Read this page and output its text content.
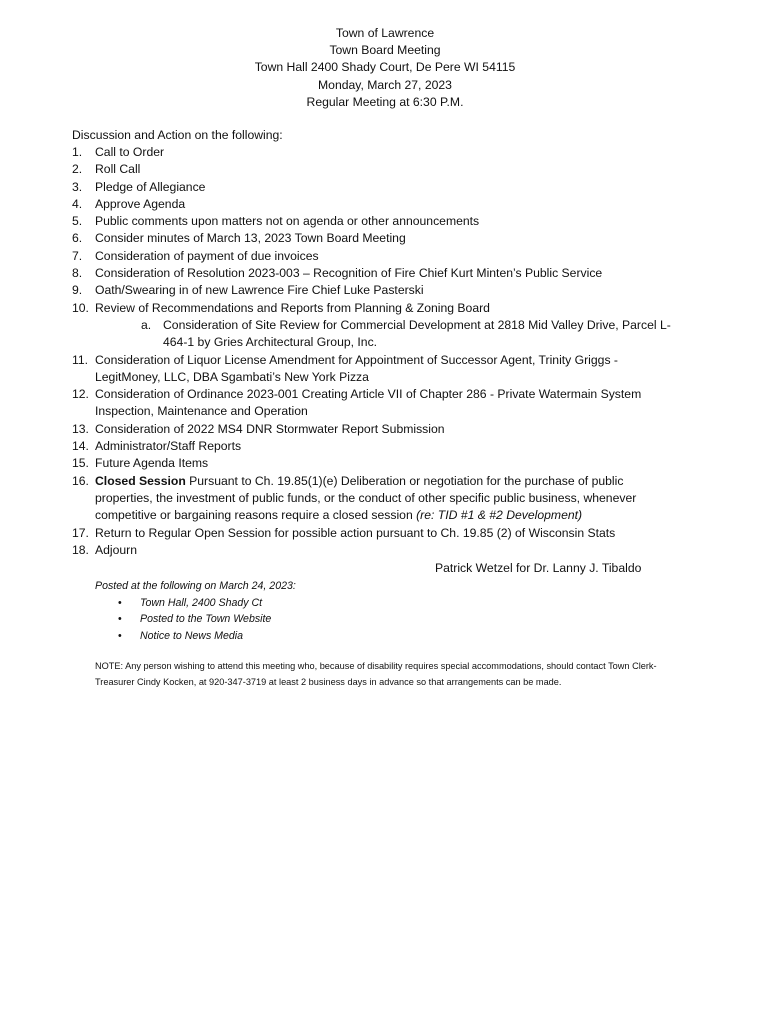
Town of Lawrence
Town Board Meeting
Town Hall 2400 Shady Court, De Pere WI 54115
Monday, March 27, 2023
Regular Meeting at 6:30 P.M.
Discussion and Action on the following:
1. Call to Order
2. Roll Call
3. Pledge of Allegiance
4. Approve Agenda
5. Public comments upon matters not on agenda or other announcements
6. Consider minutes of March 13, 2023 Town Board Meeting
7. Consideration of payment of due invoices
8. Consideration of Resolution 2023-003 – Recognition of Fire Chief Kurt Minten’s Public Service
9. Oath/Swearing in of new Lawrence Fire Chief Luke Pasterski
10. Review of Recommendations and Reports from Planning & Zoning Board
a. Consideration of Site Review for Commercial Development at 2818 Mid Valley Drive, Parcel L-464-1 by Gries Architectural Group, Inc.
11. Consideration of Liquor License Amendment for Appointment of Successor Agent, Trinity Griggs - LegitMoney, LLC, DBA Sgambati’s New York Pizza
12. Consideration of Ordinance 2023-001 Creating Article VII of Chapter 286 - Private Watermain System Inspection, Maintenance and Operation
13. Consideration of 2022 MS4 DNR Stormwater Report Submission
14. Administrator/Staff Reports
15. Future Agenda Items
16. Closed Session Pursuant to Ch. 19.85(1)(e) Deliberation or negotiation for the purchase of public properties, the investment of public funds, or the conduct of other specific public business, whenever competitive or bargaining reasons require a closed session (re: TID #1 & #2 Development)
17. Return to Regular Open Session for possible action pursuant to Ch. 19.85 (2) of Wisconsin Stats
18. Adjourn
Patrick Wetzel for Dr. Lanny J. Tibaldo
Posted at the following on March 24, 2023:
• Town Hall, 2400 Shady Ct
• Posted to the Town Website
• Notice to News Media
NOTE: Any person wishing to attend this meeting who, because of disability requires special accommodations, should contact Town Clerk-Treasurer Cindy Kocken, at 920-347-3719 at least 2 business days in advance so that arrangements can be made.
